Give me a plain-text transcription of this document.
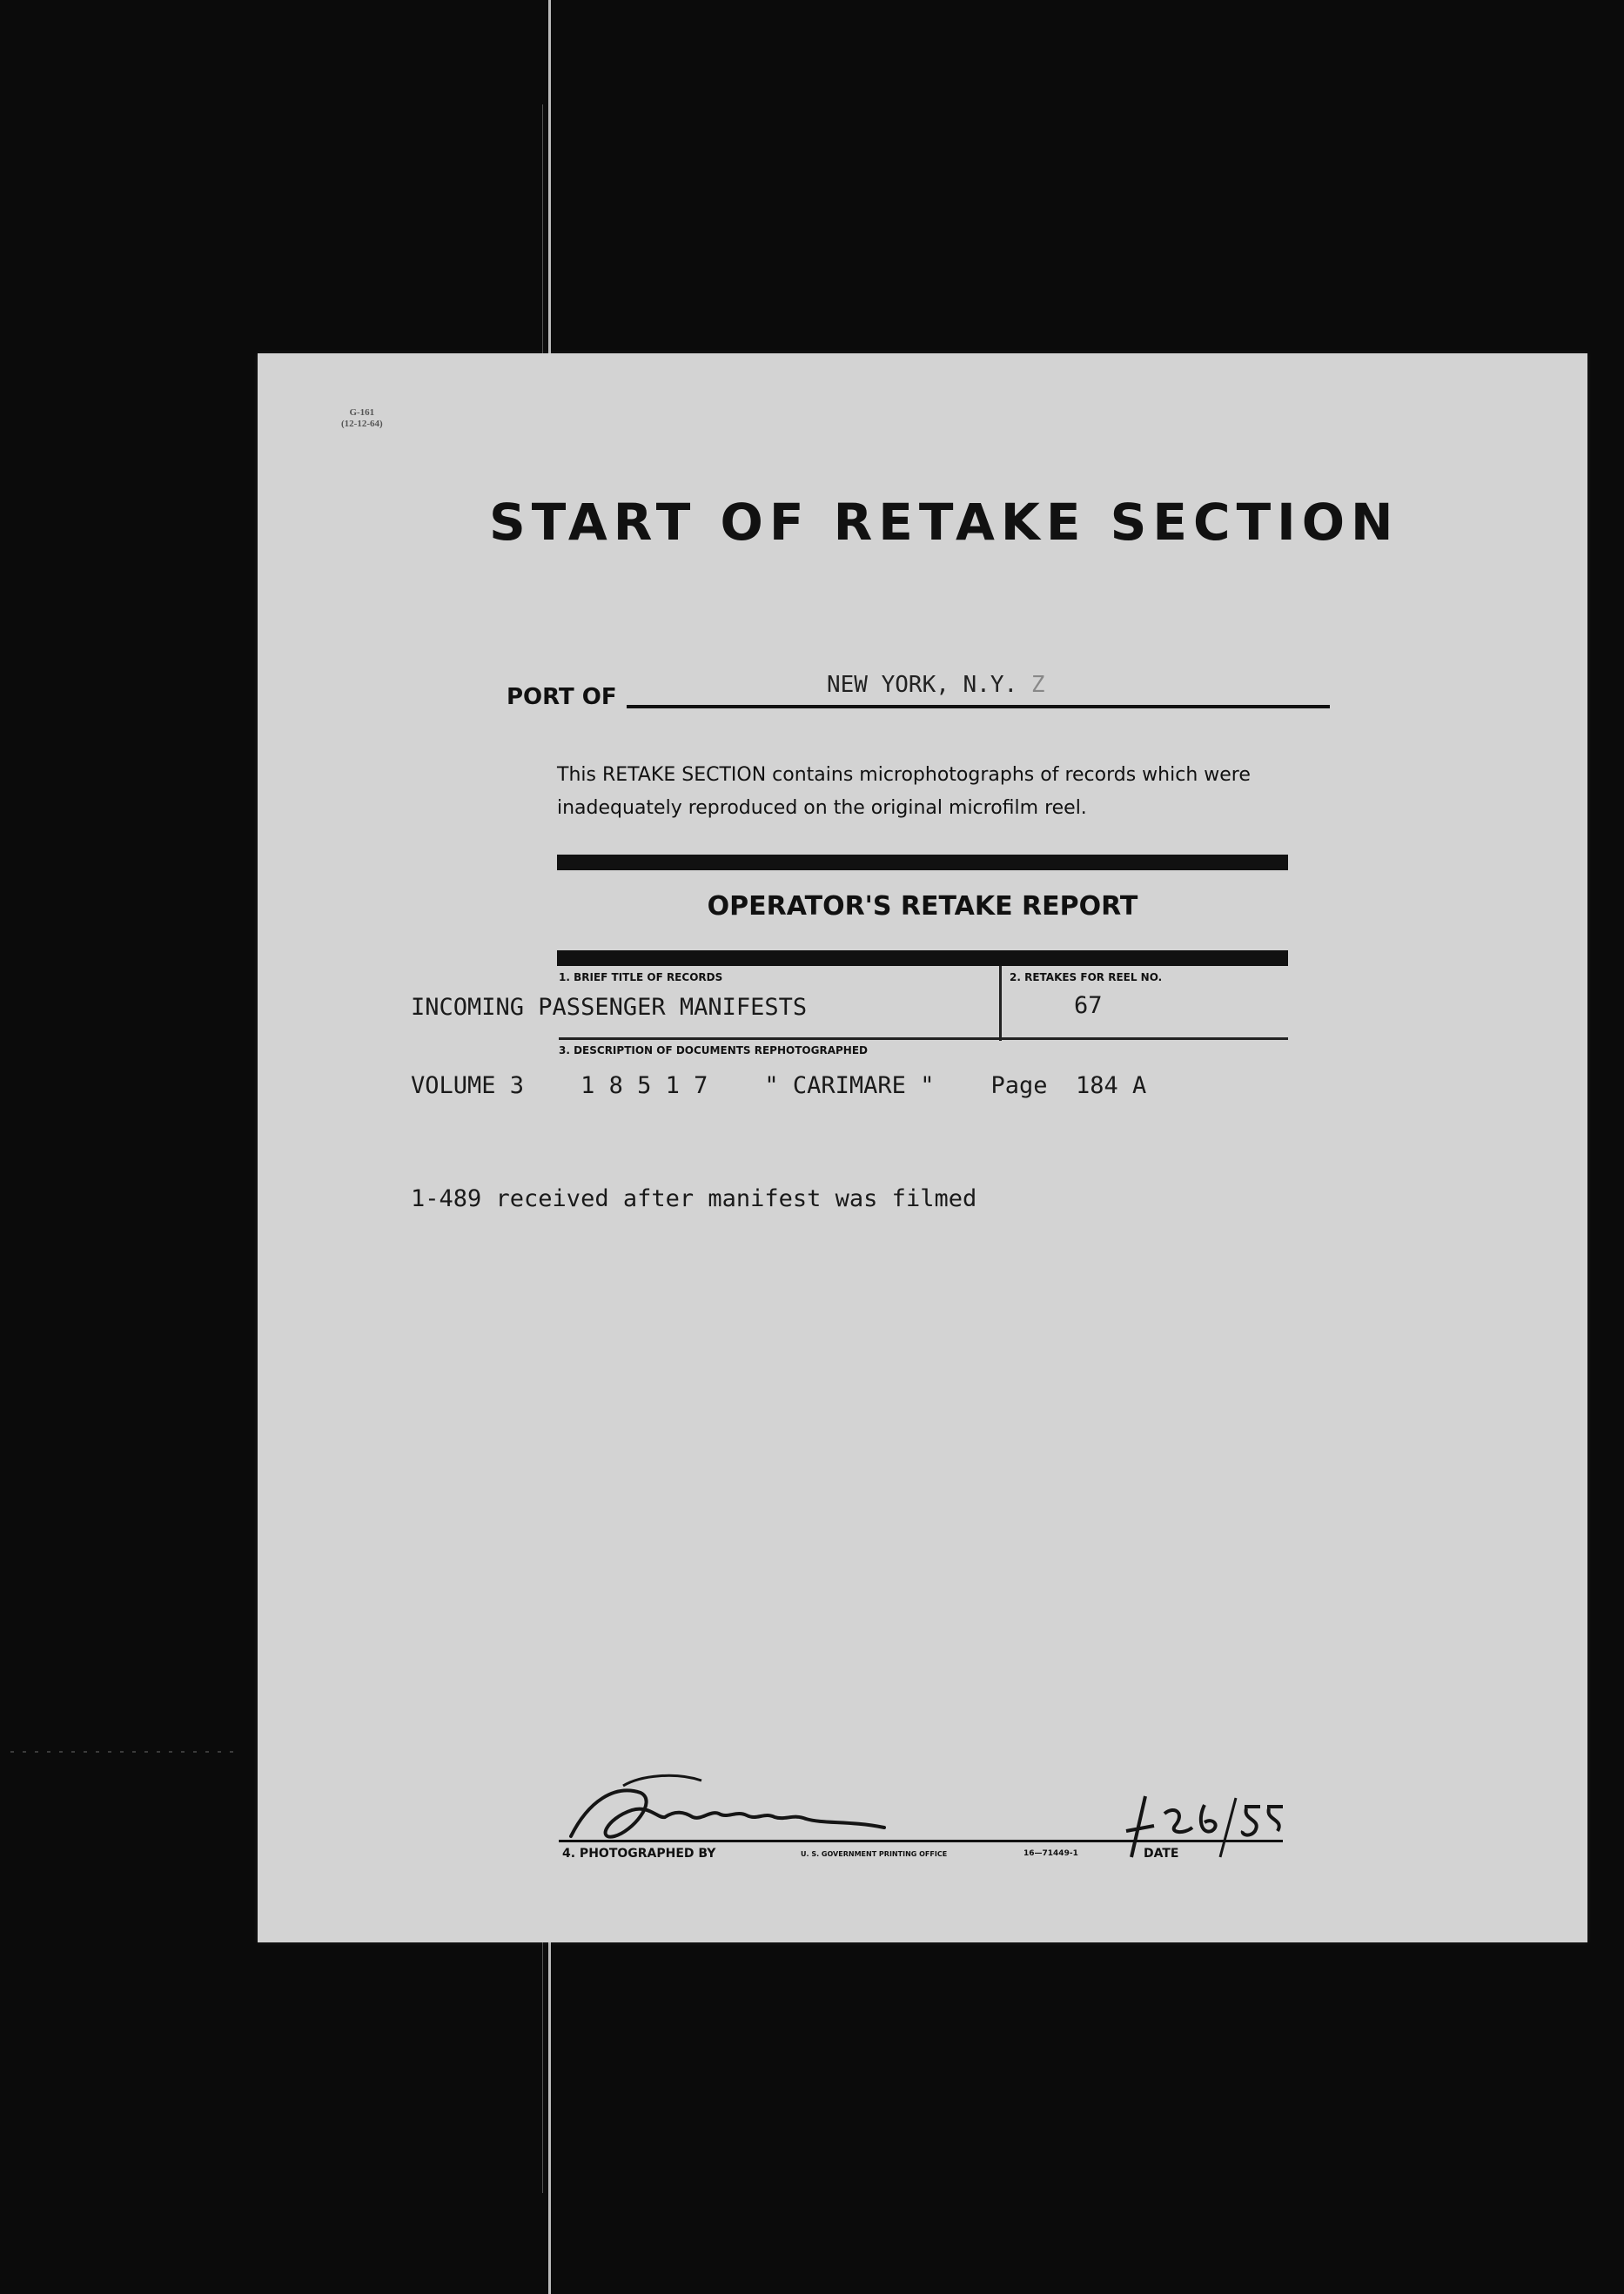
G-161
(12-12-64)
START OF RETAKE SECTION
PORT OF	NEW YORK, N.Y. Z
This RETAKE SECTION contains microphotographs of records which were
inadequately reproduced on the original microfilm reel.
OPERATOR'S RETAKE REPORT
1. BRIEF TITLE OF RECORDS	2. RETAKES FOR REEL NO.
INCOMING PASSENGER MANIFESTS	67
3. DESCRIPTION OF DOCUMENTS REPHOTOGRAPHED
VOLUME 3    1 8 5 1 7    " CARIMARE "    Page  184 A
1-489 received after manifest was filmed
4. PHOTOGRAPHED BY	U. S. GOVERNMENT PRINTING OFFICE	16—71449-1	DATE
